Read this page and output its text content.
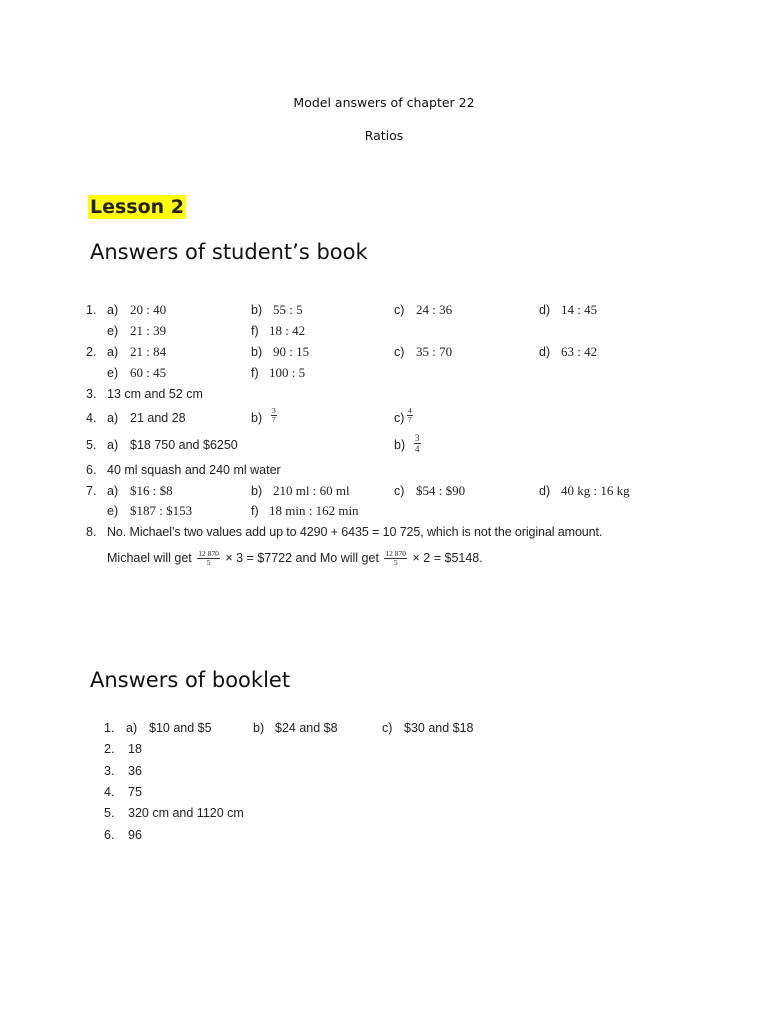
Model answers of chapter 22
Ratios
Lesson 2
Answers of student’s book
1. a) 20 : 40	b) 55 : 5	c) 24 : 36	d) 14 : 45
e) 21 : 39	f) 18 : 42
2. a) 21 : 84	b) 90 : 15	c) 35 : 70	d) 63 : 42
e) 60 : 45	f) 100 : 5
3. 13 cm and 52 cm
4. a) 21 and 28	$b) \frac{3}{7}$	$c) \frac{4}{7}$
5. a) $18 750 and $6250	$b) \frac{3}{4}$
6. 40 ml squash and 240 ml water
7. a) $16 : $8	b) 210 ml : 60 ml	c) $54 : $90	d) 40 kg : 16 kg
e) $187 : $153	f) 18 min : 162 min
8. No. Michael’s two values add up to 4290 + 6435 = 10 725, which is not the original amount.
Michael will get $\frac{12 870}{5} \times 3$ = $7722 and Mo will get $\frac{12 870}{5} \times 2$ = $5148.
Answers of booklet
1. a) $10 and $5	b) $24 and $8	c) $30 and $18
2. 18
3. 36
4. 75
5. 320 cm and 1120 cm
6. 96
